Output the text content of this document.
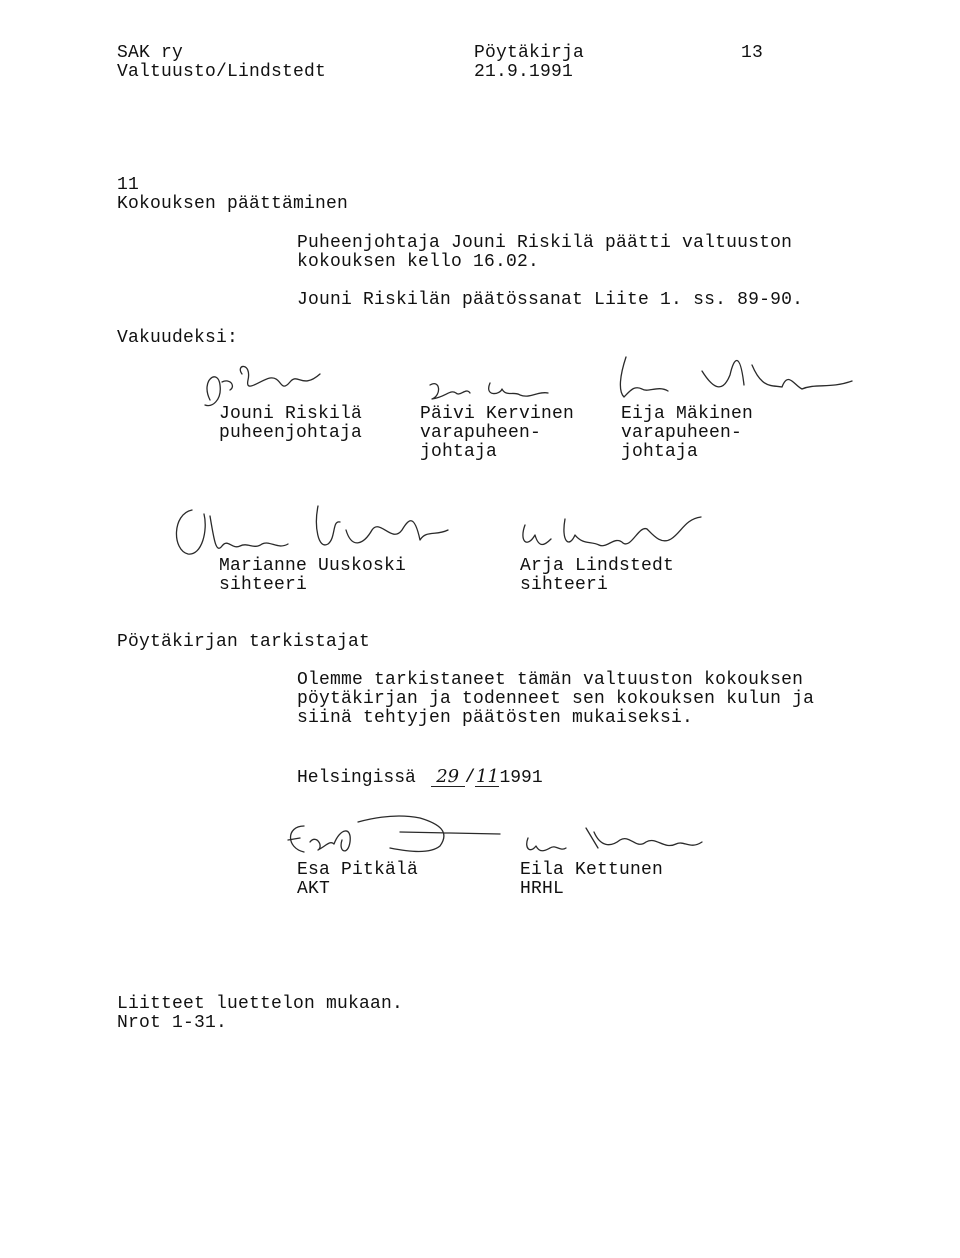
SAK ry
Valtuusto/Lindstedt
Pöytäkirja
21.9.1991
13
11
Kokouksen päättäminen
Puheenjohtaja Jouni Riskilä päätti valtuuston
kokouksen kello 16.02.
Jouni Riskilän päätössanat Liite 1. ss. 89-90.
Vakuudeksi:
Jouni Riskilä
puheenjohtaja
Päivi Kervinen
varapuheen-
johtaja
Eija Mäkinen
varapuheen-
johtaja
Marianne Uuskoski
sihteeri
Arja Lindstedt
sihteeri
Pöytäkirjan tarkistajat
Olemme tarkistaneet tämän valtuuston kokouksen
pöytäkirjan ja todenneet sen kokouksen kulun ja
siinä tehtyjen päätösten mukaiseksi.
Helsingissä 29 /111991
Esa Pitkälä
AKT
Eila Kettunen
HRHL
Liitteet luettelon mukaan.
Nrot 1-31.
